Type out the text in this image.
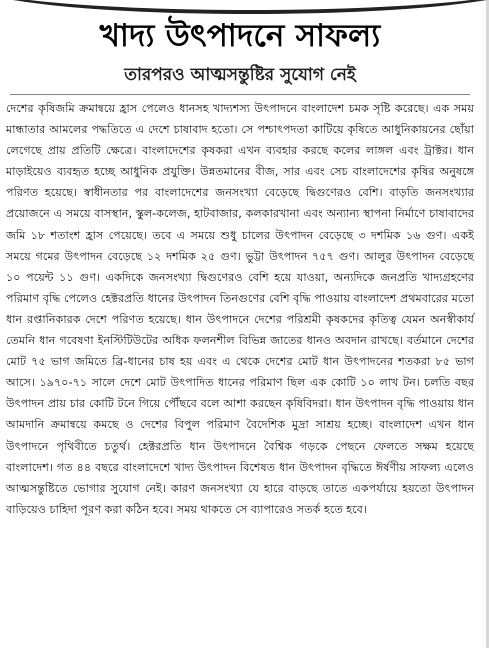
খাদ্য উৎপাদনে সাফল্য
তারপরও আত্মসন্তুষ্টির সুযোগ নেই

দেশের কৃষিজমি ক্রমান্বয়ে হ্রাস পেলেও ধানসহ খাদ্যশস্য উৎপাদনে বাংলাদেশ চমক সৃষ্টি করেছে। এক সময় মান্ধাতার আমলের পদ্ধতিতে এ দেশে চাষাবাদ হতো। সে পশ্চাৎপদতা কাটিয়ে কৃষিতে আধুনিকায়নের ছোঁয়া লেগেছে প্রায় প্রতিটি ক্ষেত্রে। বাংলাদেশের কৃষকরা এখন ব্যবহার করছে কলের লাঙ্গল এবং ট্রাক্টর। ধান মাড়াইয়েও ব্যবহৃত হচ্ছে আধুনিক প্রযুক্তি। উন্নতমানের বীজ, সার এবং সেচ বাংলাদেশের কৃষির অনুষঙ্গে পরিণত হয়েছে। স্বাধীনতার পর বাংলাদেশের জনসংখ্যা বেড়েছে দ্বিগুণেরও বেশি। বাড়তি জনসংখ্যার প্রয়োজনে এ সময়ে বাসস্থান, স্কুল-কলেজ, হাটবাজার, কলকারখানা এবং অন্যান্য স্থাপনা নির্মাণে চাষাবাদের জমি ১৮ শতাংশ হ্রাস পেয়েছে। তবে এ সময়ে শুধু চালের উৎপাদন বেড়েছে ৩ দশমিক ১৬ গুণ। একই সময়ে গমের উৎপাদন বেড়েছে ১২ দশমিক ২৫ গুণ। ভুট্টা উৎপাদন ৭৫৭ গুণ। আলুর উৎপাদন বেড়েছে ১০ পয়েন্ট ১১ গুণ। একদিকে জনসংখ্যা দ্বিগুণেরও বেশি হয়ে যাওয়া, অন্যদিকে জনপ্রতি খাদ্যগ্রহণের পরিমাণ বৃদ্ধি পেলেও হেক্টরপ্রতি ধানের উৎপাদন তিনগুণের বেশি বৃদ্ধি পাওয়ায় বাংলাদেশ প্রথমবারের মতো ধান রপ্তানিকারক দেশে পরিণত হয়েছে। ধান উৎপাদনে দেশের পরিশ্রমী কৃষকদের কৃতিত্ব যেমন অনস্বীকার্য তেমনি ধান গবেষণা ইনস্টিটিউটের অধিক ফলনশীল বিভিন্ন জাতের ধানও অবদান রাখছে। বর্তমানে দেশের মোট ৭৫ ভাগ জমিতে ব্রি-ধানের চাষ হয় এবং এ থেকে দেশের মোট ধান উৎপাদনের শতকরা ৮৫ ভাগ আসে। ১৯৭০-৭১ সালে দেশে মোট উৎপাদিত ধানের পরিমাণ ছিল এক কোটি ১০ লাখ টন। চলতি বছর উৎপাদন প্রায় চার কোটি টনে গিয়ে পৌঁছবে বলে আশা করছেন কৃষিবিদরা। ধান উৎপাদন বৃদ্ধি পাওয়ায় ধান আমদানি ক্রমান্বয়ে কমছে ও দেশের বিপুল পরিমাণ বৈদেশিক মুদ্রা সাশ্রয় হচ্ছে। বাংলাদেশ এখন ধান উৎপাদনে পৃথিবীতে চতুর্থ। হেক্টরপ্রতি ধান উৎপাদনে বৈশ্বিক গড়কে পেছনে ফেলতে সক্ষম হয়েছে বাংলাদেশ। গত ৪৪ বছরে বাংলাদেশে খাদ্য উৎপাদন বিশেষত ধান উৎপাদন বৃদ্ধিতে ঈর্ষণীয় সাফল্য এলেও আত্মসন্তুষ্টিতে ভোগার সুযোগ নেই। কারণ জনসংখ্যা যে হারে বাড়ছে তাতে একপর্যায়ে হয়তো উৎপাদন বাড়িয়েও চাহিদা পূরণ করা কঠিন হবে। সময় থাকতে সে ব্যাপারেও সতর্ক হতে হবে।
